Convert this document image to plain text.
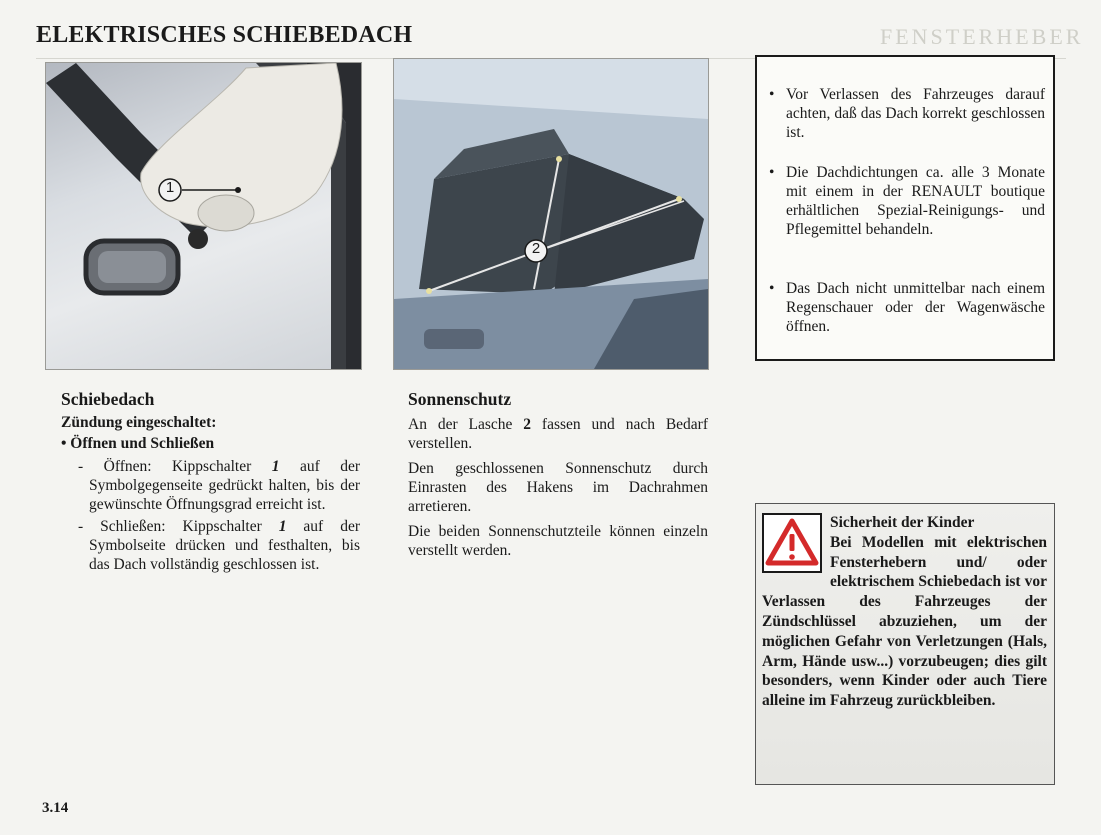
ELEKTRISCHES SCHIEBEDACH	FENSTERHEBER
1
2
Schiebedach
Zündung eingeschaltet:
• Öffnen und Schließen

- Öffnen: Kippschalter 1 auf der Symbolgegenseite gedrückt halten, bis der gewünschte Öffnungsgrad erreicht ist.

- Schließen: Kippschalter 1 auf der Symbolseite drücken und festhalten, bis das Dach vollständig geschlossen ist.

Sonnenschutz

An der Lasche 2 fassen und nach Bedarf verstellen.

Den geschlossenen Sonnenschutz durch Einrasten des Hakens im Dachrahmen arretieren.

Die beiden Sonnenschutzteile können einzeln verstellt werden.

• Vor Verlassen des Fahrzeuges darauf achten, daß das Dach korrekt geschlossen ist.
• Die Dachdichtungen ca. alle 3 Monate mit einem in der RENAULT boutique erhältlichen Spezial-Reinigungs- und Pflegemittel behandeln.
• Das Dach nicht unmittelbar nach einem Regenschauer oder der Wagenwäsche öffnen.
Sicherheit der Kinder
Bei Modellen mit elektrischen Fensterhebern und/ oder elektrischem Schiebedach ist vor Verlassen des Fahrzeuges der Zündschlüssel abzuziehen, um der möglichen Gefahr von Verletzungen (Hals, Arm, Hände usw...) vorzubeugen; dies gilt besonders, wenn Kinder oder auch Tiere alleine im Fahrzeug zurückbleiben.
3.14
